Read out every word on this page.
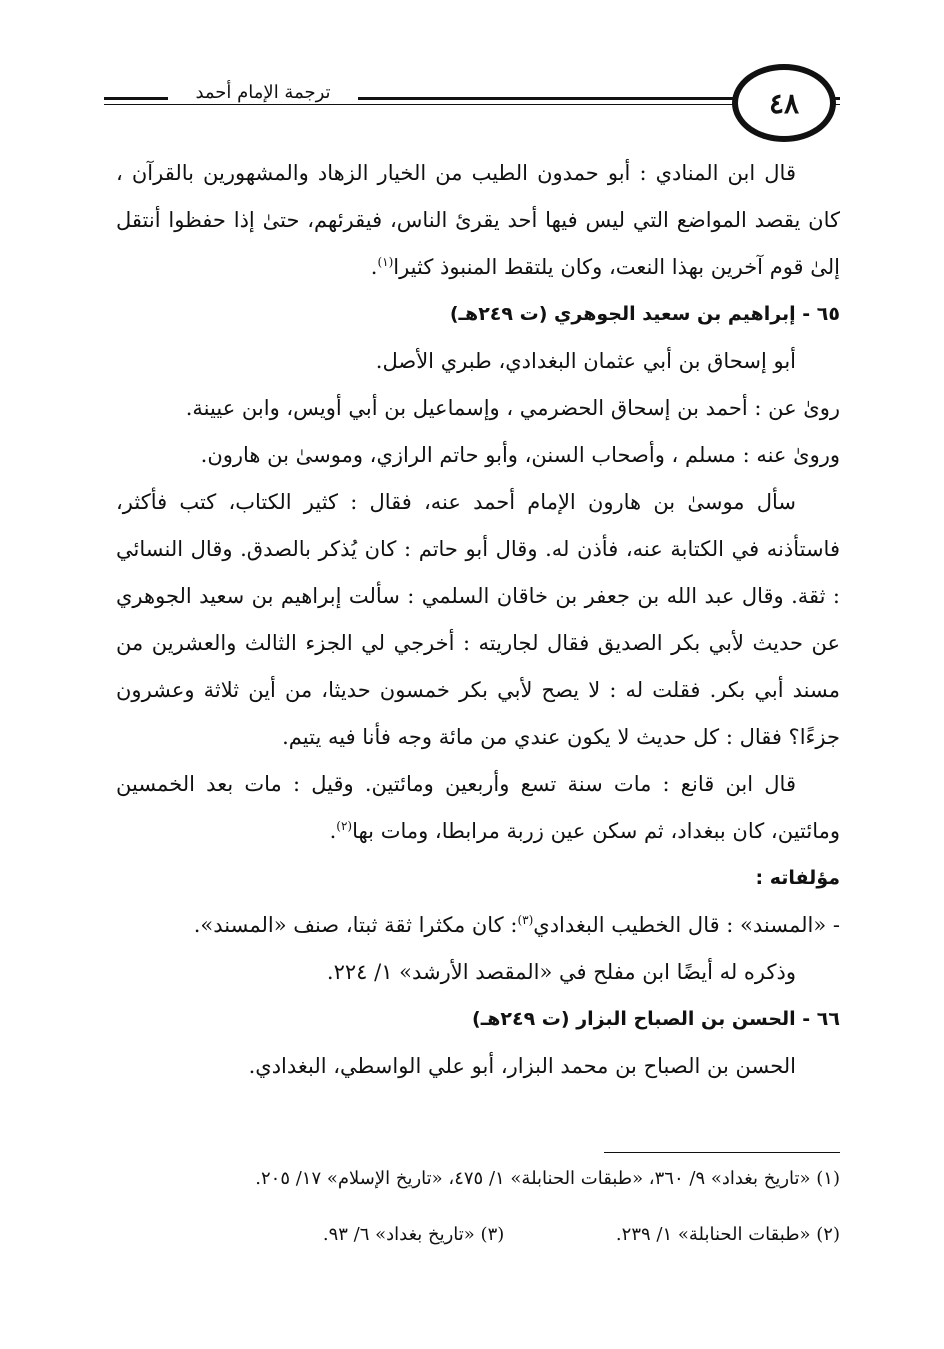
ترجمة الإمام أحمد	٤٨

قال ابن المنادي : أبو حمدون الطيب من الخيار الزهاد والمشهورين بالقرآن ، كان يقصد المواضع التي ليس فيها أحد يقرئ الناس، فيقرئهم، حتىٰ إذا حفظوا أنتقل إلىٰ قوم آخرين بهذا النعت، وكان يلتقط المنبوذ كثيرا$^{(١)}$.

٦٥ - إبراهيم بن سعيد الجوهري (ت ٢٤٩هـ)

أبو إسحاق بن أبي عثمان البغدادي، طبري الأصل.

روىٰ عن : أحمد بن إسحاق الحضرمي ، وإسماعيل بن أبي أويس، وابن عيينة.

وروىٰ عنه : مسلم ، وأصحاب السنن، وأبو حاتم الرازي، وموسىٰ بن هارون.

سأل موسىٰ بن هارون الإمام أحمد عنه، فقال : كثير الكتاب، كتب فأكثر، فاستأذنه في الكتابة عنه، فأذن له. وقال أبو حاتم : كان يُذكر بالصدق. وقال النسائي : ثقة. وقال عبد الله بن جعفر بن خاقان السلمي : سألت إبراهيم بن سعيد الجوهري عن حديث لأبي بكر الصديق فقال لجاريته : أخرجي لي الجزء الثالث والعشرين من مسند أبي بكر. فقلت له : لا يصح لأبي بكر خمسون حديثا، من أين ثلاثة وعشرون جزءًا؟ فقال : كل حديث لا يكون عندي من مائة وجه فأنا فيه يتيم.

قال ابن قانع : مات سنة تسع وأربعين ومائتين. وقيل : مات بعد الخمسين ومائتين، كان ببغداد، ثم سكن عين زربة مرابطا، ومات بها$^{(٢)}$.

مؤلفاته :

- «المسند» : قال الخطيب البغدادي$^{(٣)}$: كان مكثرا ثقة ثبتا، صنف «المسند».

وذكره له أيضًا ابن مفلح في «المقصد الأرشد» ١/ ٢٢٤.

٦٦ - الحسن بن الصباح البزار (ت ٢٤٩هـ)

الحسن بن الصباح بن محمد البزار، أبو علي الواسطي، البغدادي.

(١) «تاريخ بغداد» ٩/ ٣٦٠، «طبقات الحنابلة» ١/ ٤٧٥، «تاريخ الإسلام» ١٧/ ٢٠٥.
(٢) «طبقات الحنابلة» ١/ ٢٣٩. (٣) «تاريخ بغداد» ٦/ ٩٣.
